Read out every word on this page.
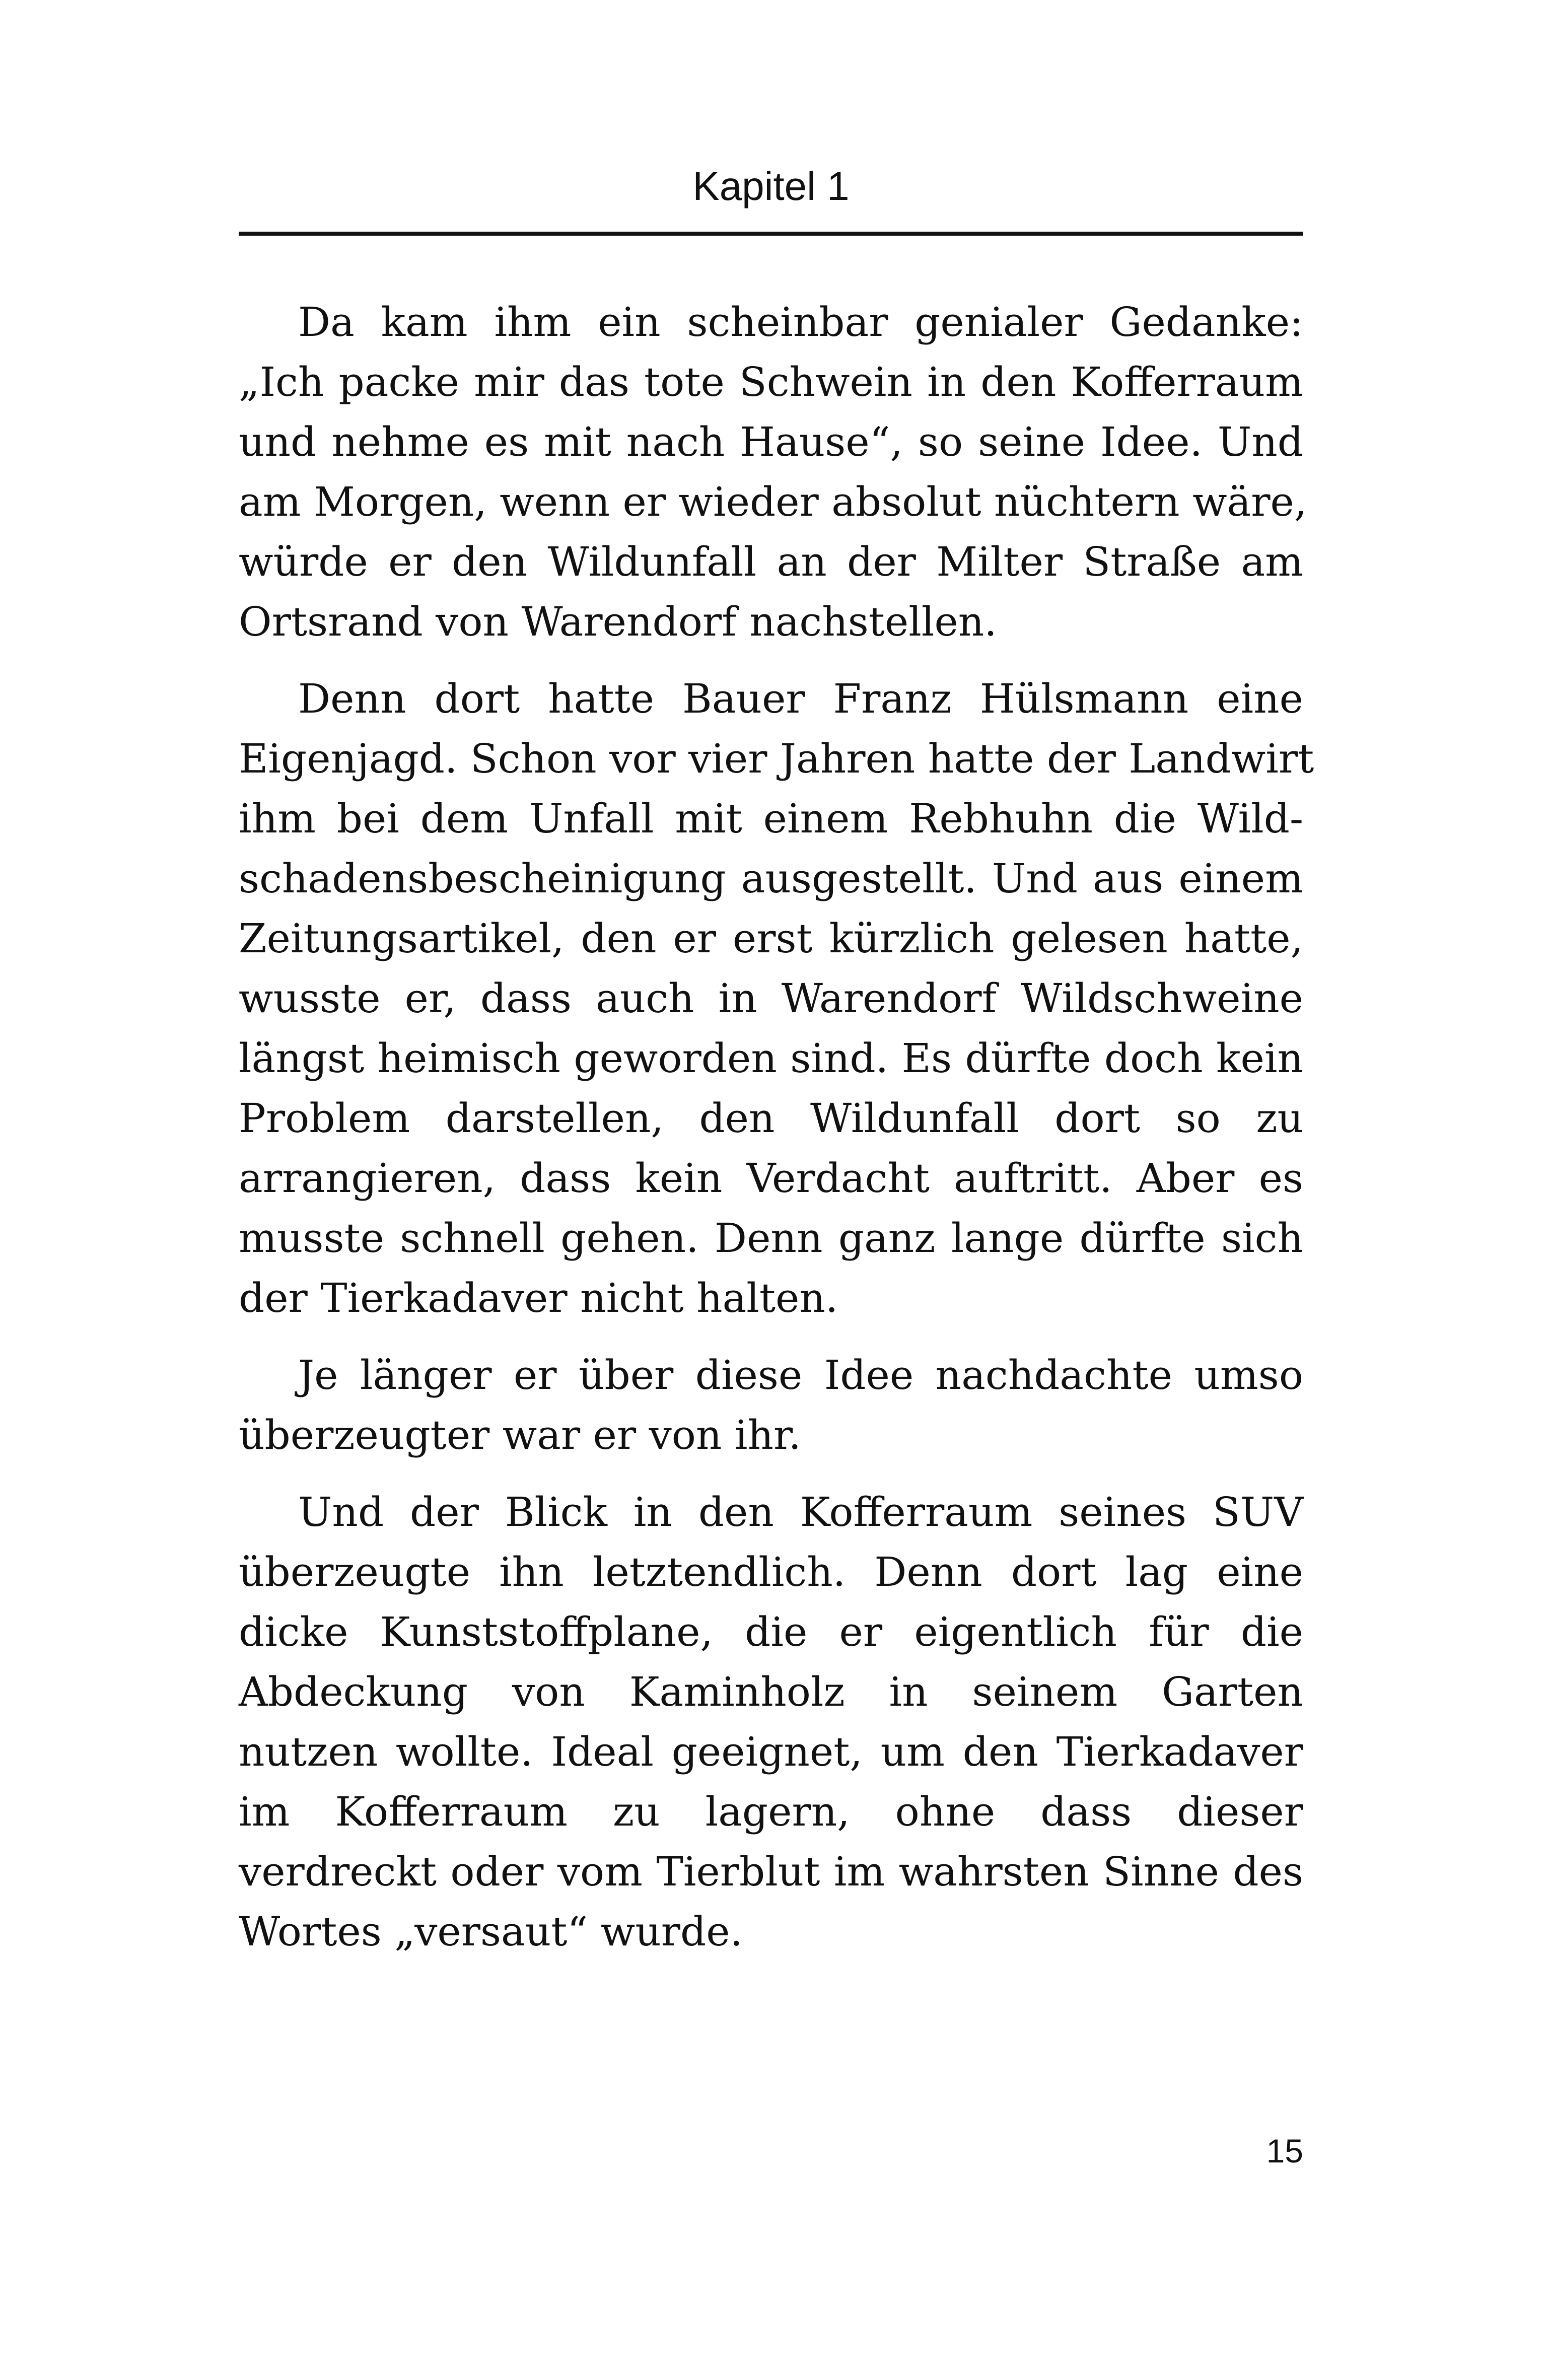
Kapitel 1
Da kam ihm ein scheinbar genialer Gedanke:
„Ich packe mir das tote Schwein in den Kofferraum
und nehme es mit nach Hause“, so seine Idee. Und
am Morgen, wenn er wieder absolut nüchtern wäre,
würde er den Wildunfall an der Milter Straße am
Ortsrand von Warendorf nachstellen.
Denn dort hatte Bauer Franz Hülsmann eine
Eigenjagd. Schon vor vier Jahren hatte der Landwirt
ihm bei dem Unfall mit einem Rebhuhn die Wild-
schadensbescheinigung ausgestellt. Und aus einem
Zeitungsartikel, den er erst kürzlich gelesen hatte,
wusste er, dass auch in Warendorf Wildschweine
längst heimisch geworden sind. Es dürfte doch kein
Problem darstellen, den Wildunfall dort so zu
arrangieren, dass kein Verdacht auftritt. Aber es
musste schnell gehen. Denn ganz lange dürfte sich
der Tierkadaver nicht halten.
Je länger er über diese Idee nachdachte umso
überzeugter war er von ihr.
Und der Blick in den Kofferraum seines SUV
überzeugte ihn letztendlich. Denn dort lag eine
dicke Kunststoffplane, die er eigentlich für die
Abdeckung von Kaminholz in seinem Garten
nutzen wollte. Ideal geeignet, um den Tierkadaver
im Kofferraum zu lagern, ohne dass dieser
verdreckt oder vom Tierblut im wahrsten Sinne des
Wortes „versaut“ wurde.
15
